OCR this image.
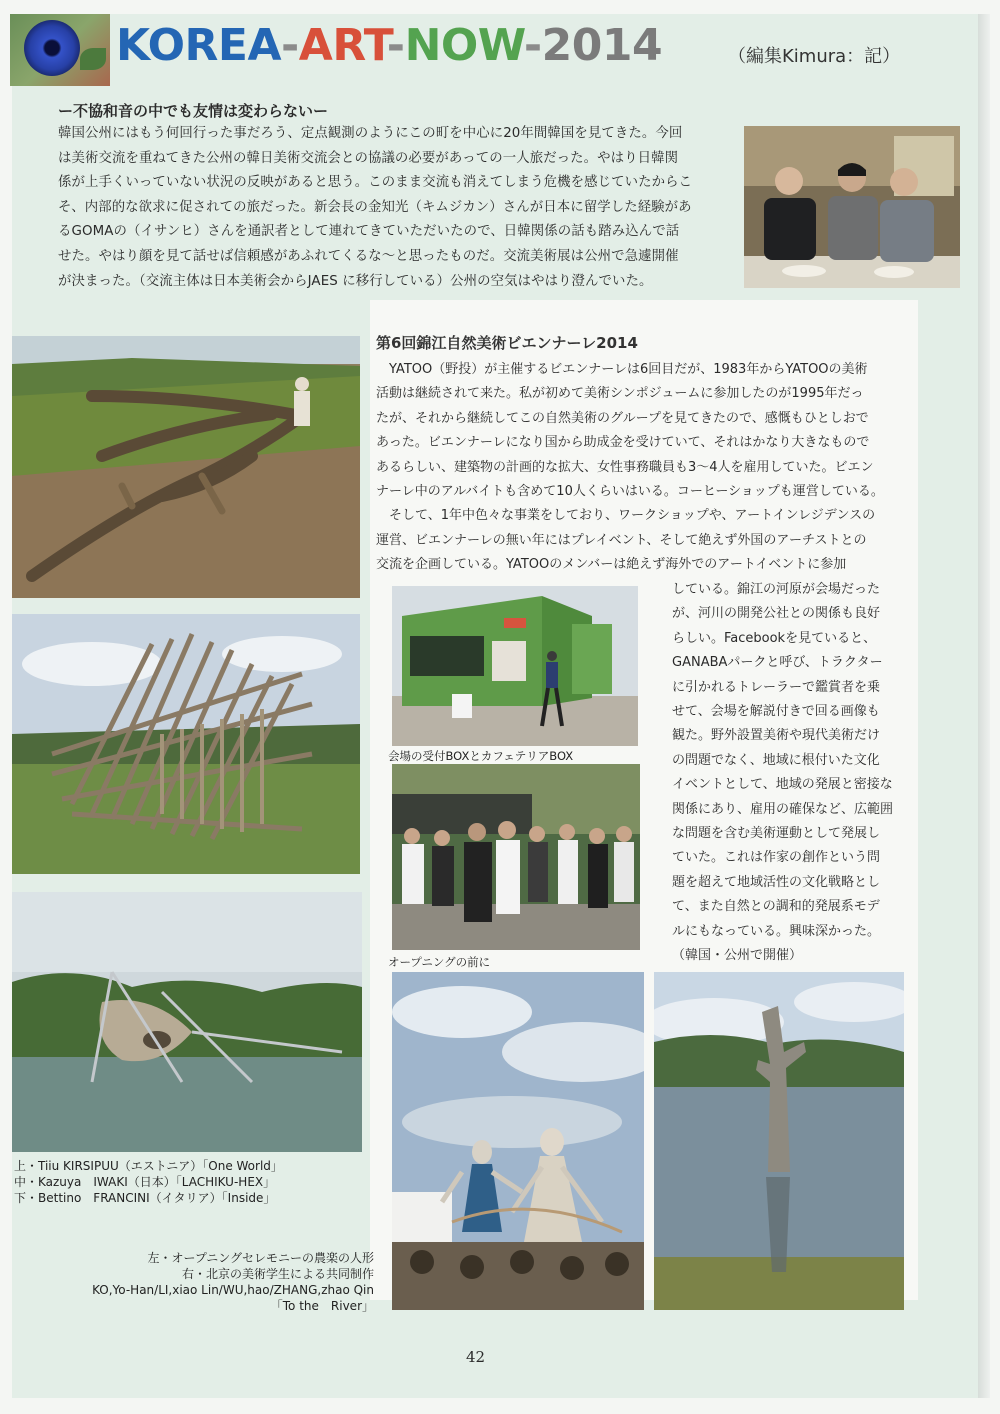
KOREA-ART-NOW-2014	（編集Kimura：記）
ー不協和音の中でも友情は変わらないー
韓国公州にはもう何回行った事だろう、定点観測のようにこの町を中心に20年間韓国を見てきた。今回
は美術交流を重ねてきた公州の韓日美術交流会との協議の必要があっての一人旅だった。やはり日韓関
係が上手くいっていない状況の反映があると思う。このまま交流も消えてしまう危機を感じていたからこ
そ、内部的な欲求に促されての旅だった。新会長の金知光（キムジカン）さんが日本に留学した経験があ
るGOMAの（イサンヒ）さんを通訳者として連れてきていただいたので、日韓関係の話も踏み込んで話
せた。やはり顔を見て話せば信頼感があふれてくるな〜と思ったものだ。交流美術展は公州で急遽開催
が決まった。（交流主体は日本美術会からJAES に移行している）公州の空気はやはり澄んでいた。
第6回錦江自然美術ビエンナーレ2014
　YATOO（野投）が主催するビエンナーレは6回目だが、1983年からYATOOの美術
活動は継続されて来た。私が初めて美術シンポジュームに参加したのが1995年だっ
たが、それから継続してこの自然美術のグループを見てきたので、感慨もひとしおで
あった。ビエンナーレになり国から助成金を受けていて、それはかなり大きなもので
あるらしい、建築物の計画的な拡大、女性事務職員も3〜4人を雇用していた。ビエン
ナーレ中のアルバイトも含めて10人くらいはいる。コーヒーショップも運営している。
　そして、1年中色々な事業をしており、ワークショップや、アートインレジデンスの
運営、ビエンナーレの無い年にはプレイベント、そして絶えず外国のアーチストとの
交流を企画している。YATOOのメンバーは絶えず海外でのアートイベントに参加
している。錦江の河原が会場だった
が、河川の開発公社との関係も良好
らしい。Facebookを見ていると、
GANABAパークと呼び、トラクター
に引かれるトレーラーで鑑賞者を乗
せて、会場を解説付きで回る画像も
観た。野外設置美術や現代美術だけ
の問題でなく、地域に根付いた文化
イベントとして、地域の発展と密接な
関係にあり、雇用の確保など、広範囲
な問題を含む美術運動として発展し
ていた。これは作家の創作という問
題を超えて地域活性の文化戦略とし
て、また自然との調和的発展系モデ
ルにもなっている。興味深かった。
（韓国・公州で開催）
会場の受付BOXとカフェテリアBOX
オープニングの前に
上・Tiiu KIRSIPUU（エストニア）「One World」
中・Kazuya　IWAKI（日本）「LACHIKU-HEX」
下・Bettino　FRANCINI（イタリア）「Inside」
左・オープニングセレモニーの農楽の人形
右・北京の美術学生による共同制作
KO,Yo-Han/LI,xiao Lin/WU,hao/ZHANG,zhao Qin
「To the　River」
42
